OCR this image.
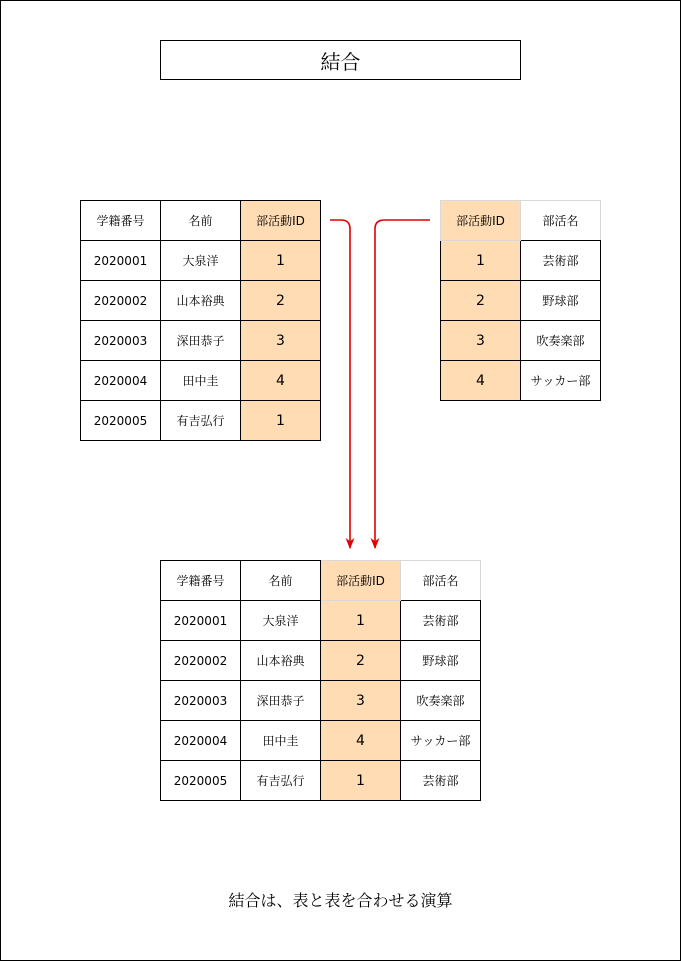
結合
学籍番号	名前	部活動ID
2020001	大泉洋	1
2020002	山本裕典	2
2020003	深田恭子	3
2020004	田中圭	4
2020005	有吉弘行	1
部活動ID	部活名
1	芸術部
2	野球部
3	吹奏楽部
4	サッカー部
学籍番号	名前	部活動ID	部活名
2020001	大泉洋	1	芸術部
2020002	山本裕典	2	野球部
2020003	深田恭子	3	吹奏楽部
2020004	田中圭	4	サッカー部
2020005	有吉弘行	1	芸術部
結合は、表と表を合わせる演算
